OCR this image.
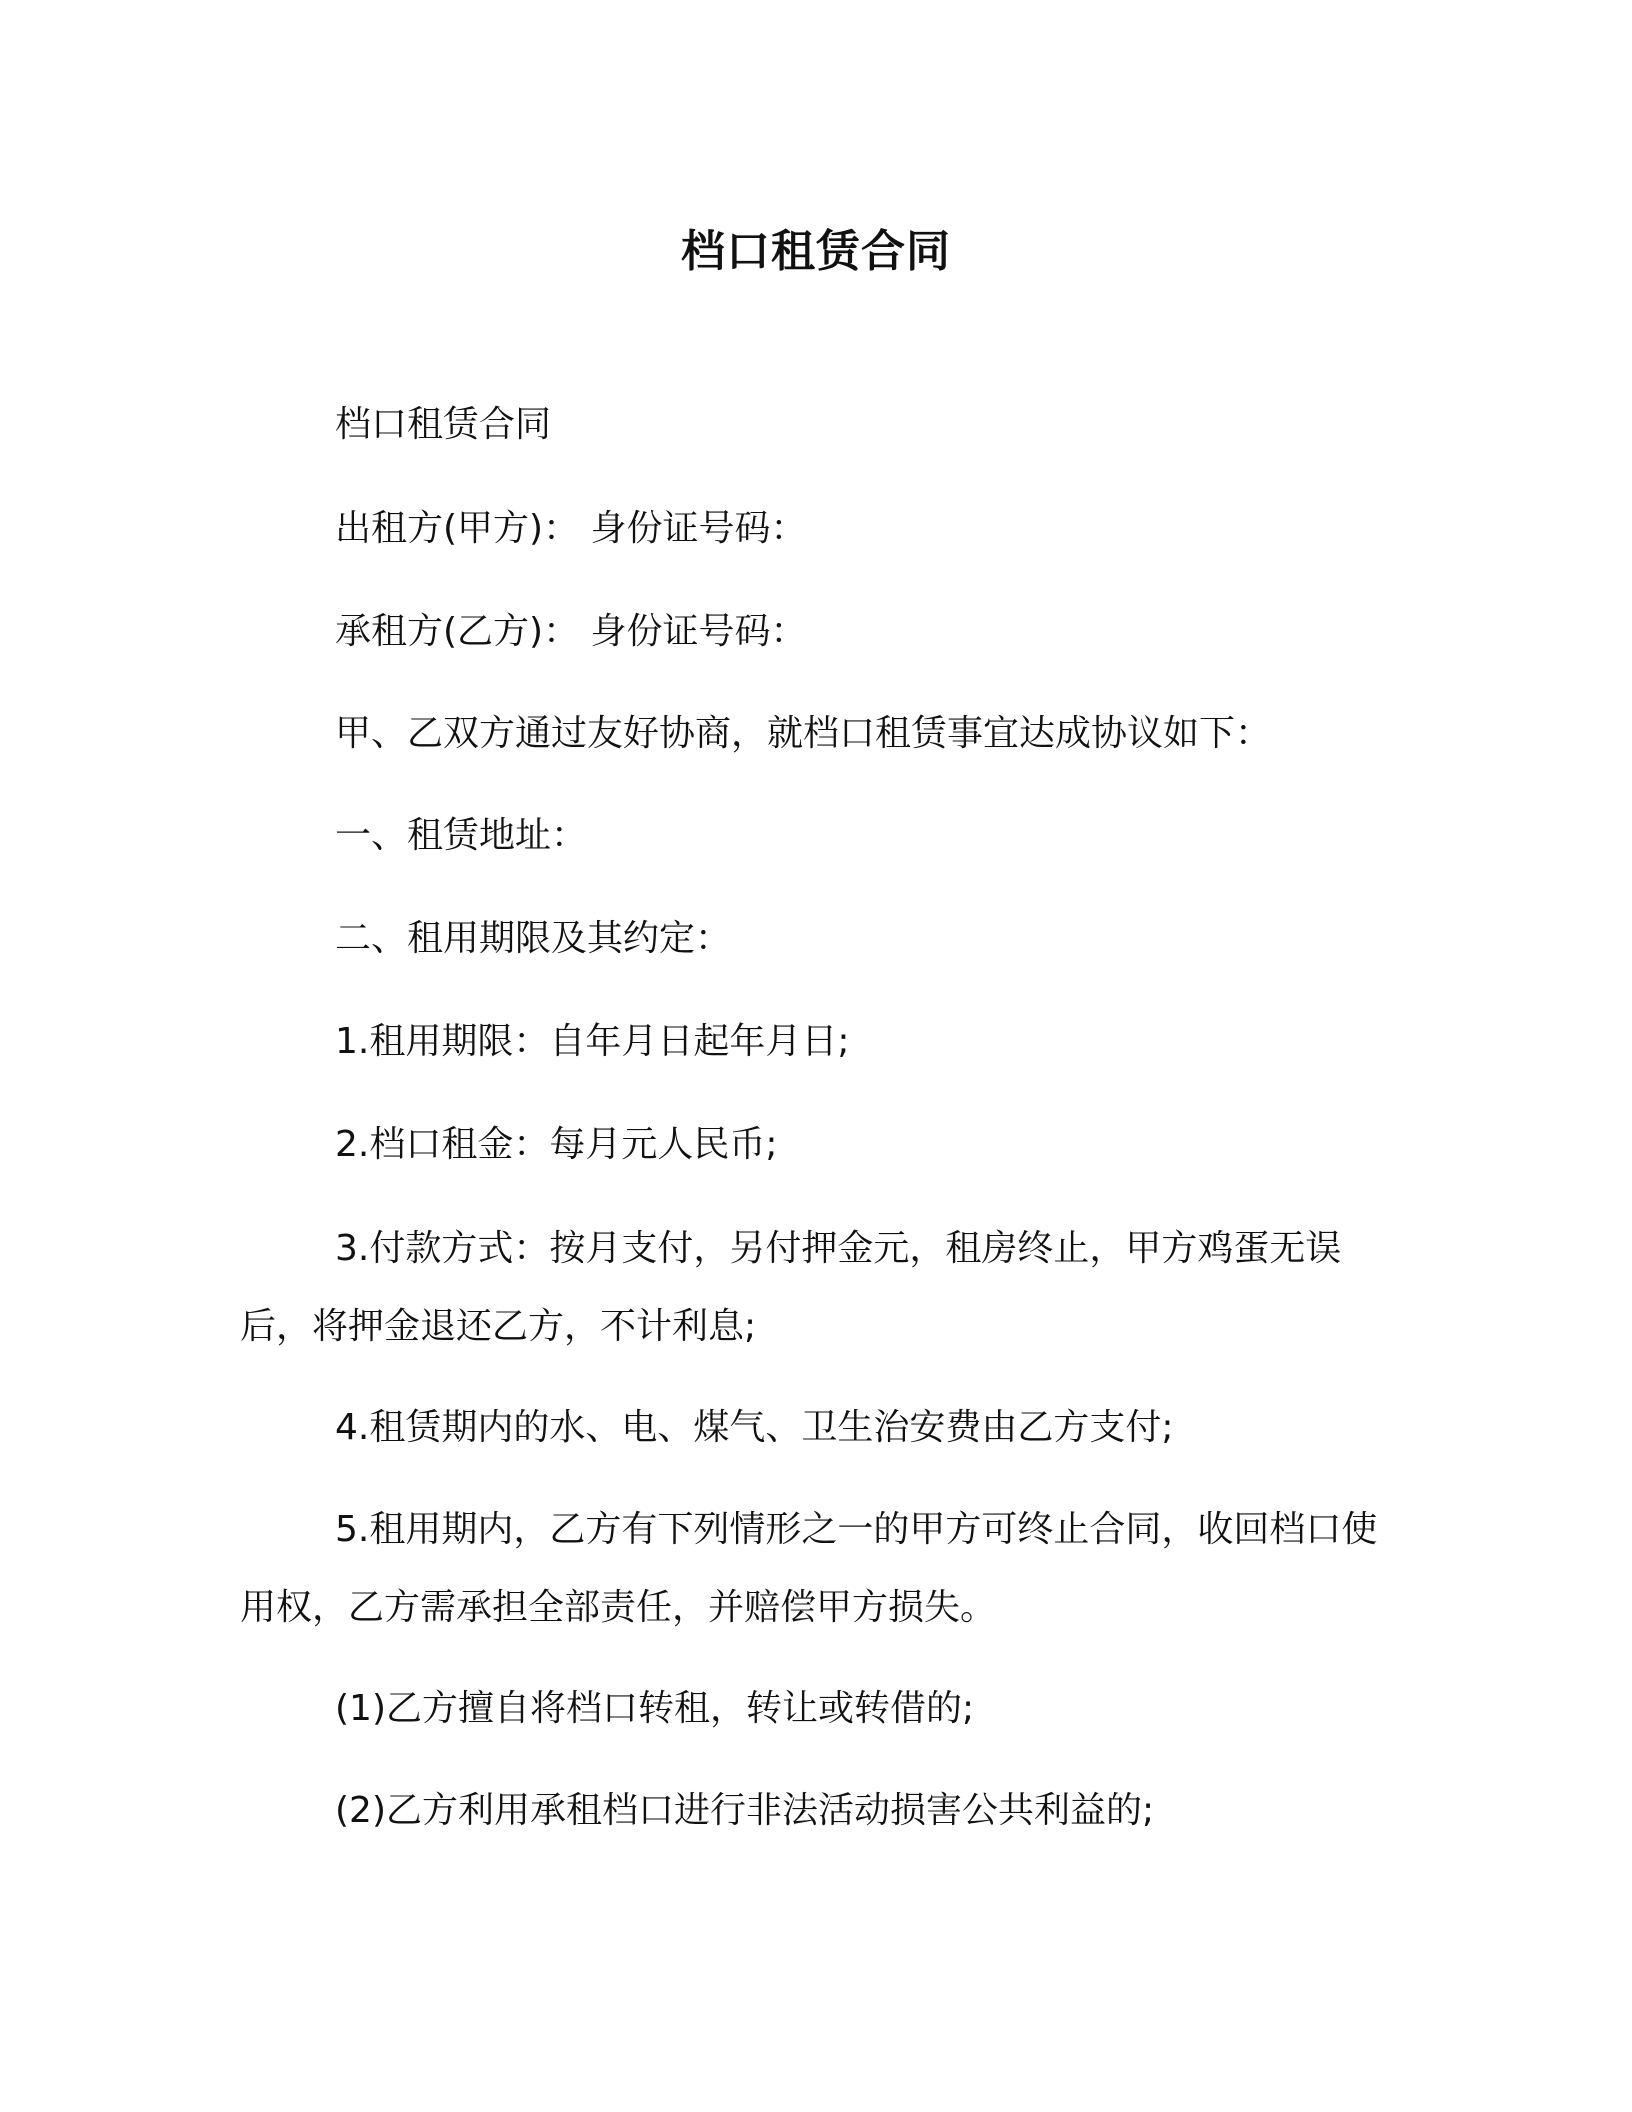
档口租赁合同
档口租赁合同
出租方(甲方)： 身份证号码：
承租方(乙方)： 身份证号码：
甲、乙双方通过友好协商，就档口租赁事宜达成协议如下：
一、租赁地址：
二、租用期限及其约定：
1.租用期限：自年月日起年月日;
2.档口租金：每月元人民币;
3.付款方式：按月支付，另付押金元，租房终止，甲方鸡蛋无误后，将押金退还乙方，不计利息;
4.租赁期内的水、电、煤气、卫生治安费由乙方支付;
5.租用期内，乙方有下列情形之一的甲方可终止合同，收回档口使用权，乙方需承担全部责任，并赔偿甲方损失。
(1)乙方擅自将档口转租，转让或转借的;
(2)乙方利用承租档口进行非法活动损害公共利益的;
